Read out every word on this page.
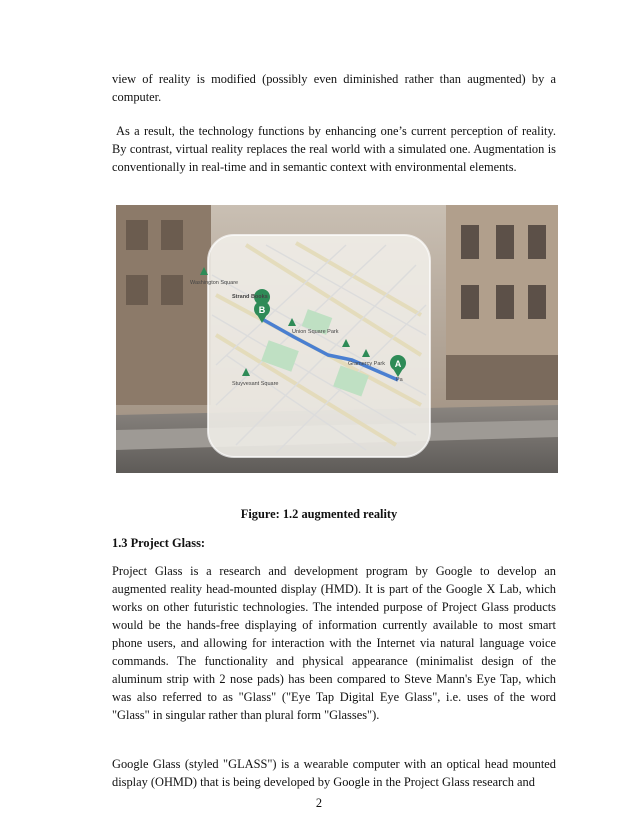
view of reality is modified (possibly even diminished rather than augmented) by a computer.

As a result, the technology functions by enhancing one’s current perception of reality. By contrast, virtual reality replaces the real world with a simulated one. Augmentation is conventionally in real-time and in semantic context with environmental elements.

B
A
Washington Square
Strand Books
Union Square Park
Gramercy Park
Stuyvesant Square
Pa
Figure: 1.2 augmented reality
1.3 Project Glass:

Project Glass is a research and development program by Google to develop an augmented reality head-mounted display (HMD). It is part of the Google X Lab, which works on other futuristic technologies. The intended purpose of Project Glass products would be the hands-free displaying of information currently available to most smart phone users, and allowing for interaction with the Internet via natural language voice commands. The functionality and physical appearance (minimalist design of the aluminum strip with 2 nose pads) has been compared to Steve Mann's Eye Tap, which was also referred to as "Glass" ("Eye Tap Digital Eye Glass", i.e. uses of the word "Glass" in singular rather than plural form "Glasses").

Google Glass (styled "GLASS") is a wearable computer with an optical head mounted display (OHMD) that is being developed by Google in the Project Glass research and

2
